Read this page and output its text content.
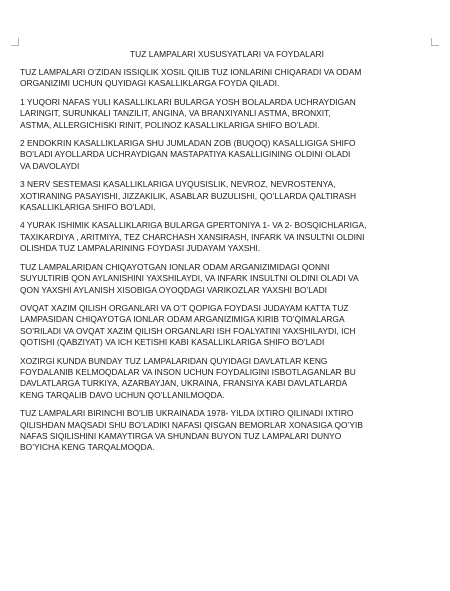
TUZ LAMPALARI XUSUSYATLARI VA FOYDALARI
TUZ LAMPALARI O’ZIDAN ISSIQLIK XOSIL QILIB TUZ IONLARINI CHIQARADI VA ODAM
ORGANIZIMI UCHUN QUYIDAGI KASALLIKLARGA FOYDA QILADI.
1 YUQORI NAFAS YULI KASALLIKLARI BULARGA YOSH BOLALARDA UCHRAYDIGAN
LARINGIT, SURUNKALI TANZILIT, ANGINA, VA BRANXIYANLI ASTMA, BRONXIT,
ASTMA, ALLERGICHISKI RINIT, POLINOZ KASALLIKLARIGA SHIFO BO’LADI.
2 ENDOKRIN KASALLIKLARIGA SHU JUMLADAN ZOB (BUQOQ) KASALLIGIGA SHIFO
BO’LADI AYOLLARDA UCHRAYDIGAN MASTAPATIYA KASALLIGINING OLDINI OLADI
VA DAVOLAYDI
3 NERV SESTEMASI KASALLIKLARIGA UYQUSISLIK, NEVROZ, NEVROSTENYA,
XOTIRANING PASAYISHI, JIZZAKILIK, ASABLAR BUZULISHI, QO’LLARDA QALTIRASH
KASALLIKLARIGA SHIFO BO’LADI.
4 YURAK ISHIMIK KASALLIKLARIGA BULARGA GPERTONIYA 1- VA 2- BOSQICHLARIGA,
TAXIKARDIYA , ARITMIYA, TEZ CHARCHASH XANSIRASH, INFARK VA INSULTNI OLDINI
OLISHDA TUZ LAMPALARINING FOYDASI JUDAYAM YAXSHI.
TUZ LAMPALARIDAN CHIQAYOTGAN IONLAR ODAM ARGANIZIMIDAGI QONNI
SUYULTIRIB QON AYLANISHINI YAXSHILAYDI, VA INFARK INSULTNI OLDINI OLADI VA
QON YAXSHI AYLANISH XISOBIGA OYOQDAGI VARIKOZLAR YAXSHI BO’LADI
OVQAT XAZIM QILISH ORGANLARI VA O’T QOPIGA FOYDASI JUDAYAM KATTA TUZ
LAMPASIDAN CHIQAYOTGA IONLAR ODAM ARGANIZIMIGA KIRIB TO’QIMALARGA
SO’RILADI VA OVQAT XAZIM QILISH ORGANLARI ISH FOALYATINI YAXSHILAYDI, ICH
QOTISHI (QABZIYAT) VA ICH KETISHI KABI KASALLIKLARIGA SHIFO BO’LADI
XOZIRGI KUNDA BUNDAY TUZ LAMPALARIDAN QUYIDAGI DAVLATLAR KENG
FOYDALANIB KELMOQDALAR VA INSON UCHUN FOYDALIGINI ISBOTLAGANLAR BU
DAVLATLARGA TURKIYA, AZARBAYJAN, UKRAINA, FRANSIYA KABI DAVLATLARDA
KENG TARQALIB DAVO UCHUN QO’LLANILMOQDA.
TUZ LAMPALARI BIRINCHI BO’LIB UKRAINADA 1978- YILDA IXTIRO QILINADI IXTIRO
QILISHDAN MAQSADI SHU BO’LADIKI NAFASI QISGAN BEMORLAR XONASIGA QO’YIB
NAFAS SIQILISHINI KAMAYTIRGA VA SHUNDAN BUYON TUZ LAMPALARI DUNYO
BO’YICHA KENG TARQALMOQDA.
